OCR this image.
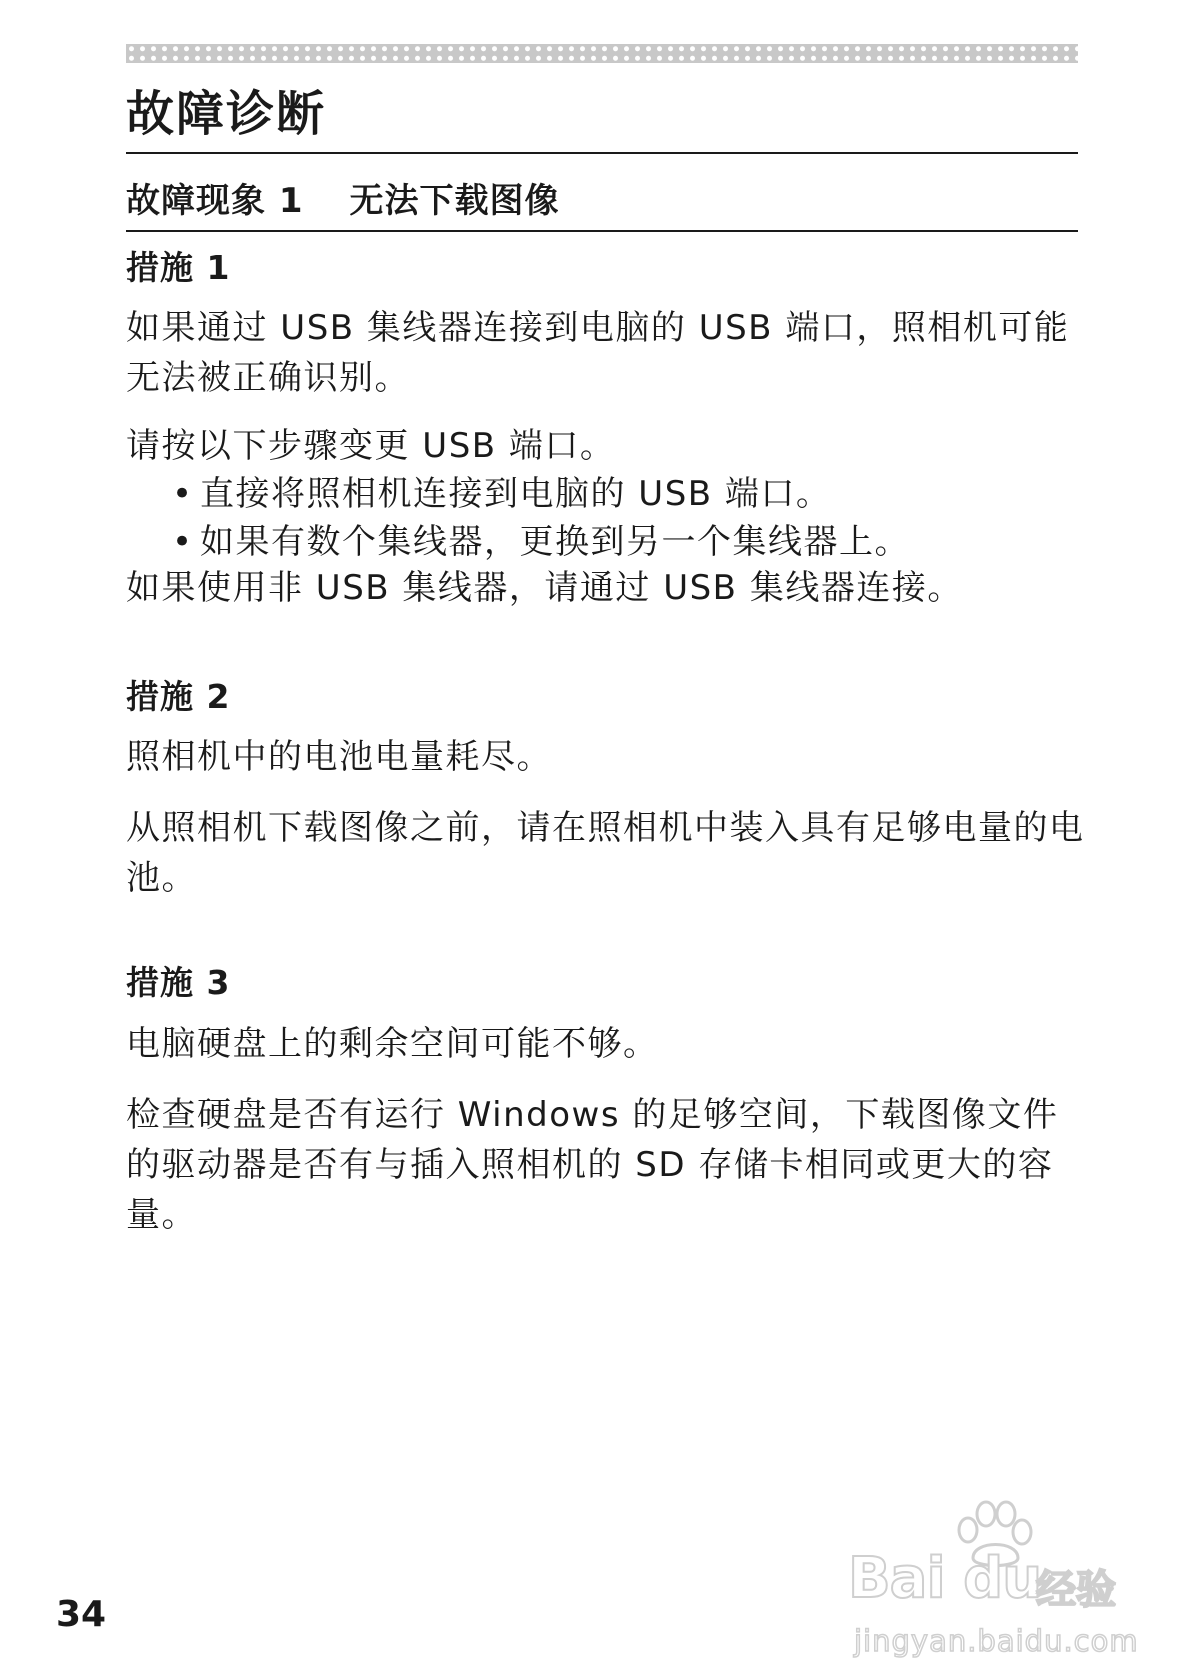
故障诊断
故障现象 1 无法下载图像
措施 1
如果通过 USB 集线器连接到电脑的 USB 端口，照相机可能无法被正确识别。
请按以下步骤变更 USB 端口。
• 直接将照相机连接到电脑的 USB 端口。
• 如果有数个集线器，更换到另一个集线器上。
如果使用非 USB 集线器，请通过 USB 集线器连接。
措施 2
照相机中的电池电量耗尽。
从照相机下载图像之前，请在照相机中装入具有足够电量的电池。
措施 3
电脑硬盘上的剩余空间可能不够。
检查硬盘是否有运行 Windows 的足够空间，下载图像文件的驱动器是否有与插入照相机的 SD 存储卡相同或更大的容量。
34
Bai du
经验
jingyan.baidu.com
